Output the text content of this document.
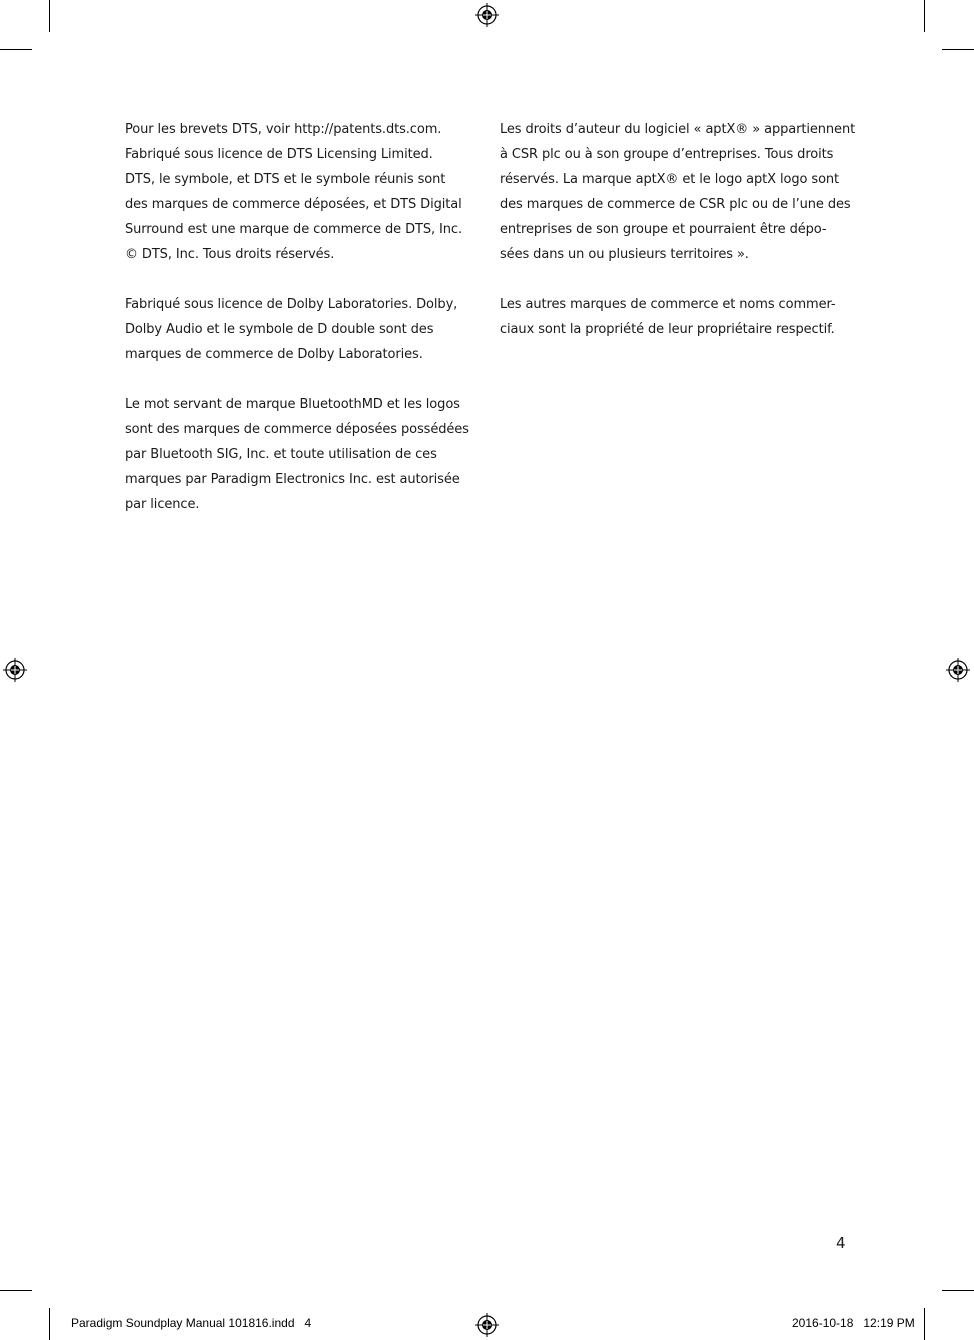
Pour les brevets DTS, voir http://patents.dts.com.
Fabriqué sous licence de DTS Licensing Limited.
DTS, le symbole, et DTS et le symbole réunis sont
des marques de commerce déposées, et DTS Digital
Surround est une marque de commerce de DTS, Inc.
© DTS, Inc. Tous droits réservés.
Fabriqué sous licence de Dolby Laboratories. Dolby,
Dolby Audio et le symbole de D double sont des
marques de commerce de Dolby Laboratories.
Le mot servant de marque BluetoothMD et les logos
sont des marques de commerce déposées possédées
par Bluetooth SIG, Inc. et toute utilisation de ces
marques par Paradigm Electronics Inc. est autorisée
par licence.
Les droits d’auteur du logiciel « aptX® » appartiennent
à CSR plc ou à son groupe d’entreprises. Tous droits
réservés. La marque aptX® et le logo aptX logo sont
des marques de commerce de CSR plc ou de l’une des
entreprises de son groupe et pourraient être dépo-
sées dans un ou plusieurs territoires ».
Les autres marques de commerce et noms commer-
ciaux sont la propriété de leur propriétaire respectif.
4
Paradigm Soundplay Manual 101816.indd   4	2016-10-18   12:19 PM
